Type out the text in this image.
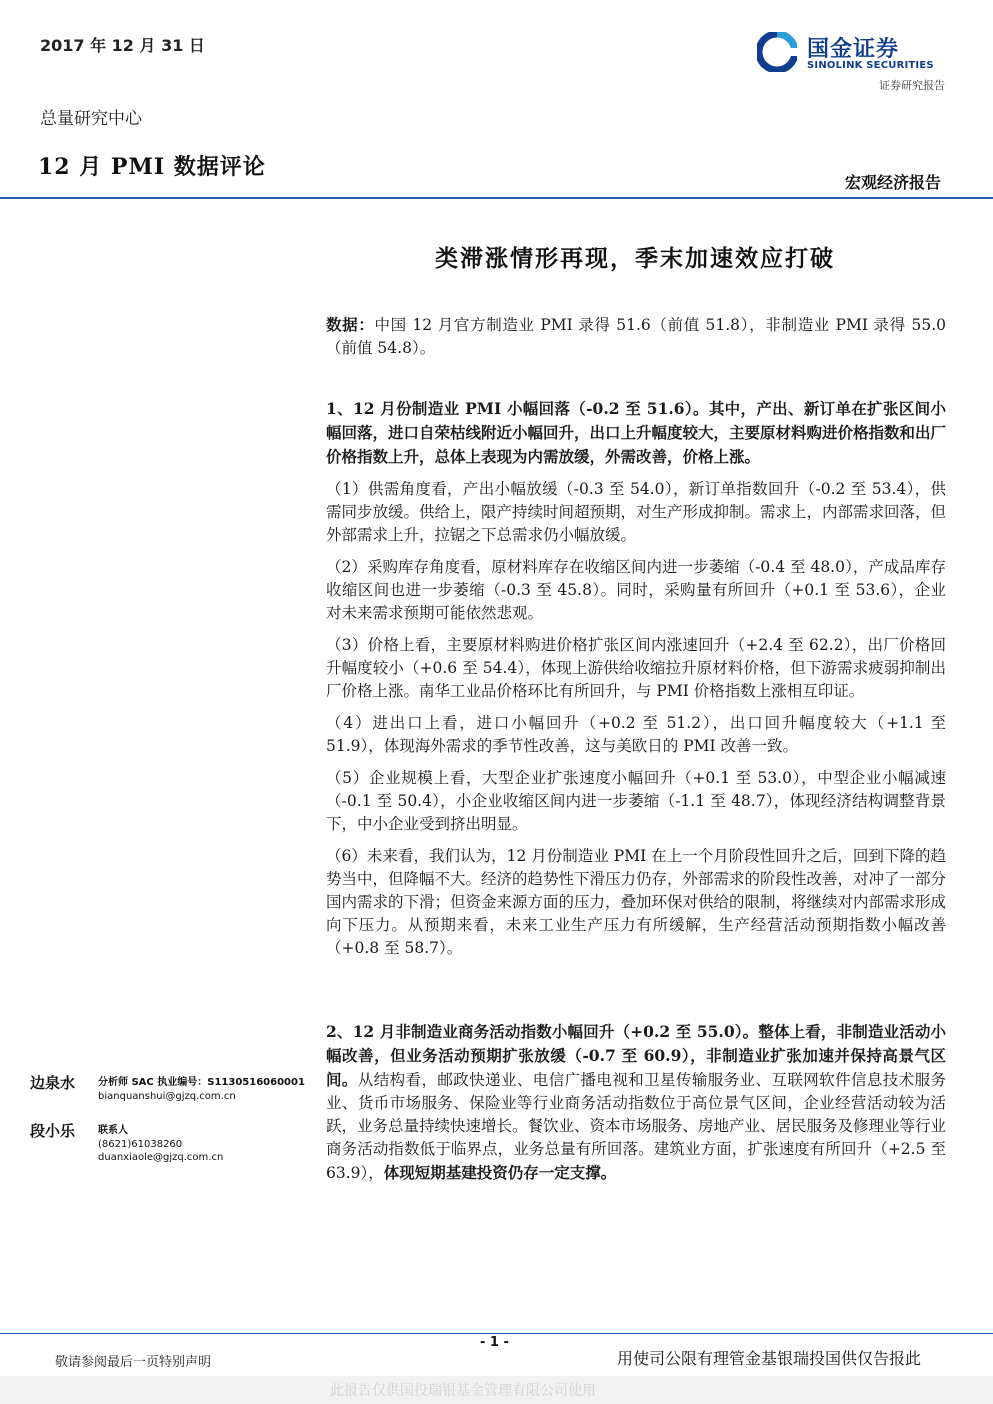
2017 年 12 月 31 日	国金证券
SINOLINK SECURITIES
证券研究报告
总量研究中心
12 月 PMI 数据评论
宏观经济报告
类滞涨情形再现，季末加速效应打破

数据：中国 12 月官方制造业 PMI 录得 51.6（前值 51.8），非制造业 PMI 录得 55.0（前值 54.8）。

1、12 月份制造业 PMI 小幅回落（-0.2 至 51.6）。其中，产出、新订单在扩张区间小幅回落，进口自荣枯线附近小幅回升，出口上升幅度较大，主要原材料购进价格指数和出厂价格指数上升，总体上表现为内需放缓，外需改善，价格上涨。

（1）供需角度看，产出小幅放缓（-0.3 至 54.0），新订单指数回升（-0.2 至 53.4），供需同步放缓。供给上，限产持续时间超预期，对生产形成抑制。需求上，内部需求回落，但外部需求上升，拉锯之下总需求仍小幅放缓。

（2）采购库存角度看，原材料库存在收缩区间内进一步萎缩（-0.4 至 48.0），产成品库存收缩区间也进一步萎缩（-0.3 至 45.8）。同时，采购量有所回升（+0.1 至 53.6），企业对未来需求预期可能依然悲观。

（3）价格上看，主要原材料购进价格扩张区间内涨速回升（+2.4 至 62.2），出厂价格回升幅度较小（+0.6 至 54.4），体现上游供给收缩拉升原材料价格，但下游需求疲弱抑制出厂价格上涨。南华工业品价格环比有所回升，与 PMI 价格指数上涨相互印证。

（4）进出口上看，进口小幅回升（+0.2 至 51.2），出口回升幅度较大（+1.1 至 51.9），体现海外需求的季节性改善，这与美欧日的 PMI 改善一致。

（5）企业规模上看，大型企业扩张速度小幅回升（+0.1 至 53.0），中型企业小幅减速（-0.1 至 50.4），小企业收缩区间内进一步萎缩（-1.1 至 48.7），体现经济结构调整背景下，中小企业受到挤出明显。

（6）未来看，我们认为，12 月份制造业 PMI 在上一个月阶段性回升之后，回到下降的趋势当中，但降幅不大。经济的趋势性下滑压力仍存，外部需求的阶段性改善，对冲了一部分国内需求的下滑；但资金来源方面的压力，叠加环保对供给的限制，将继续对内部需求形成向下压力。从预期来看，未来工业生产压力有所缓解，生产经营活动预期指数小幅改善（+0.8 至 58.7）。

2、12 月非制造业商务活动指数小幅回升（+0.2 至 55.0）。整体上看，非制造业活动小幅改善，但业务活动预期扩张放缓（-0.7 至 60.9），非制造业扩张加速并保持高景气区间。从结构看，邮政快递业、电信广播电视和卫星传输服务业、互联网软件信息技术服务业、货币市场服务、保险业等行业商务活动指数位于高位景气区间，企业经营活动较为活跃，业务总量持续快速增长。餐饮业、资本市场服务、房地产业、居民服务及修理业等行业商务活动指数低于临界点，业务总量有所回落。建筑业方面，扩张速度有所回升（+2.5 至 63.9），体现短期基建投资仍存一定支撑。

边泉水 分析师 SAC 执业编号：S1130516060001
bianquanshui@gjzq.com.cn
段小乐 联系人
(8621)61038260
duanxiaole@gjzq.com.cn
- 1 -
敬请参阅最后一页特别声明	用使司公限有理管金基银瑞投国供仅告报此
此报告仅供国投瑞银基金管理有限公司使用
